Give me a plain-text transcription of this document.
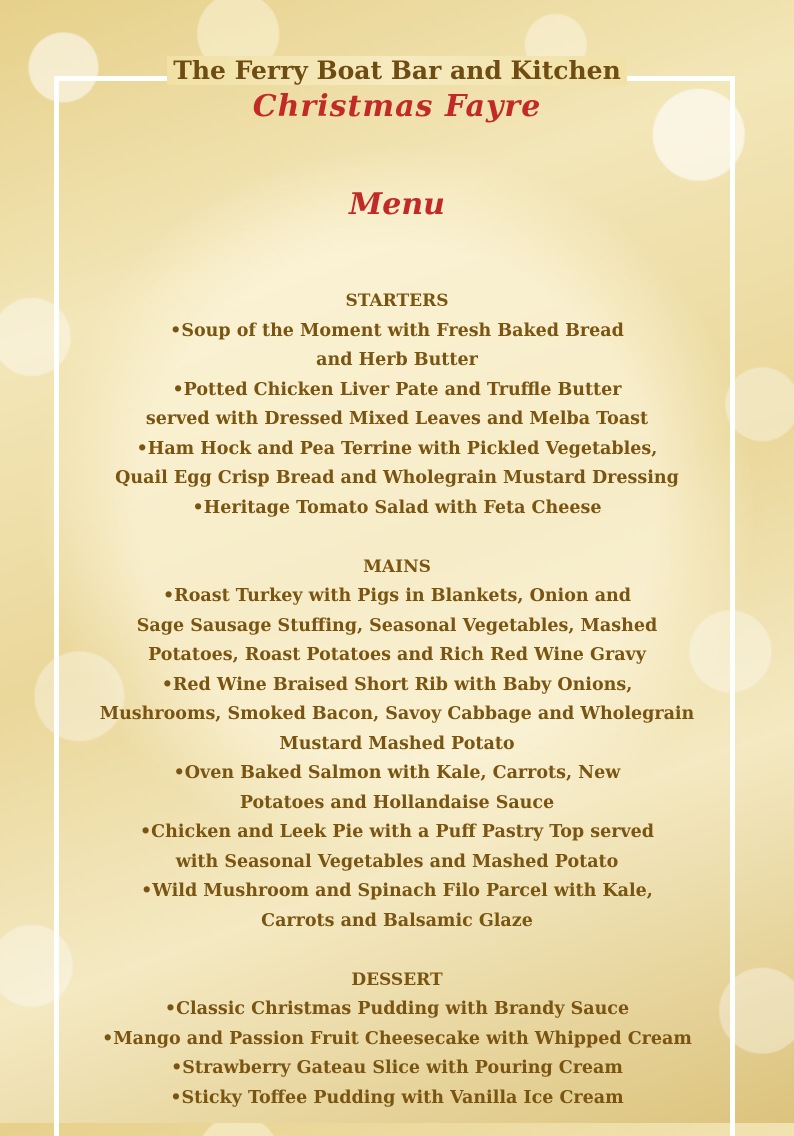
The Ferry Boat Bar and Kitchen
Christmas Fayre
Menu
STARTERS
•Soup of the Moment with Fresh Baked Bread
and Herb Butter
•Potted Chicken Liver Pate and Truffle Butter
served with Dressed Mixed Leaves and Melba Toast
•Ham Hock and Pea Terrine with Pickled Vegetables,
Quail Egg Crisp Bread and Wholegrain Mustard Dressing
•Heritage Tomato Salad with Feta Cheese
MAINS
•Roast Turkey with Pigs in Blankets, Onion and
Sage Sausage Stuffing, Seasonal Vegetables, Mashed
Potatoes, Roast Potatoes and Rich Red Wine Gravy
•Red Wine Braised Short Rib with Baby Onions,
Mushrooms, Smoked Bacon, Savoy Cabbage and Wholegrain
Mustard Mashed Potato
•Oven Baked Salmon with Kale, Carrots, New
Potatoes and Hollandaise Sauce
•Chicken and Leek Pie with a Puff Pastry Top served
with Seasonal Vegetables and Mashed Potato
•Wild Mushroom and Spinach Filo Parcel with Kale,
Carrots and Balsamic Glaze
DESSERT
•Classic Christmas Pudding with Brandy Sauce
•Mango and Passion Fruit Cheesecake with Whipped Cream
•Strawberry Gateau Slice with Pouring Cream
•Sticky Toffee Pudding with Vanilla Ice Cream
